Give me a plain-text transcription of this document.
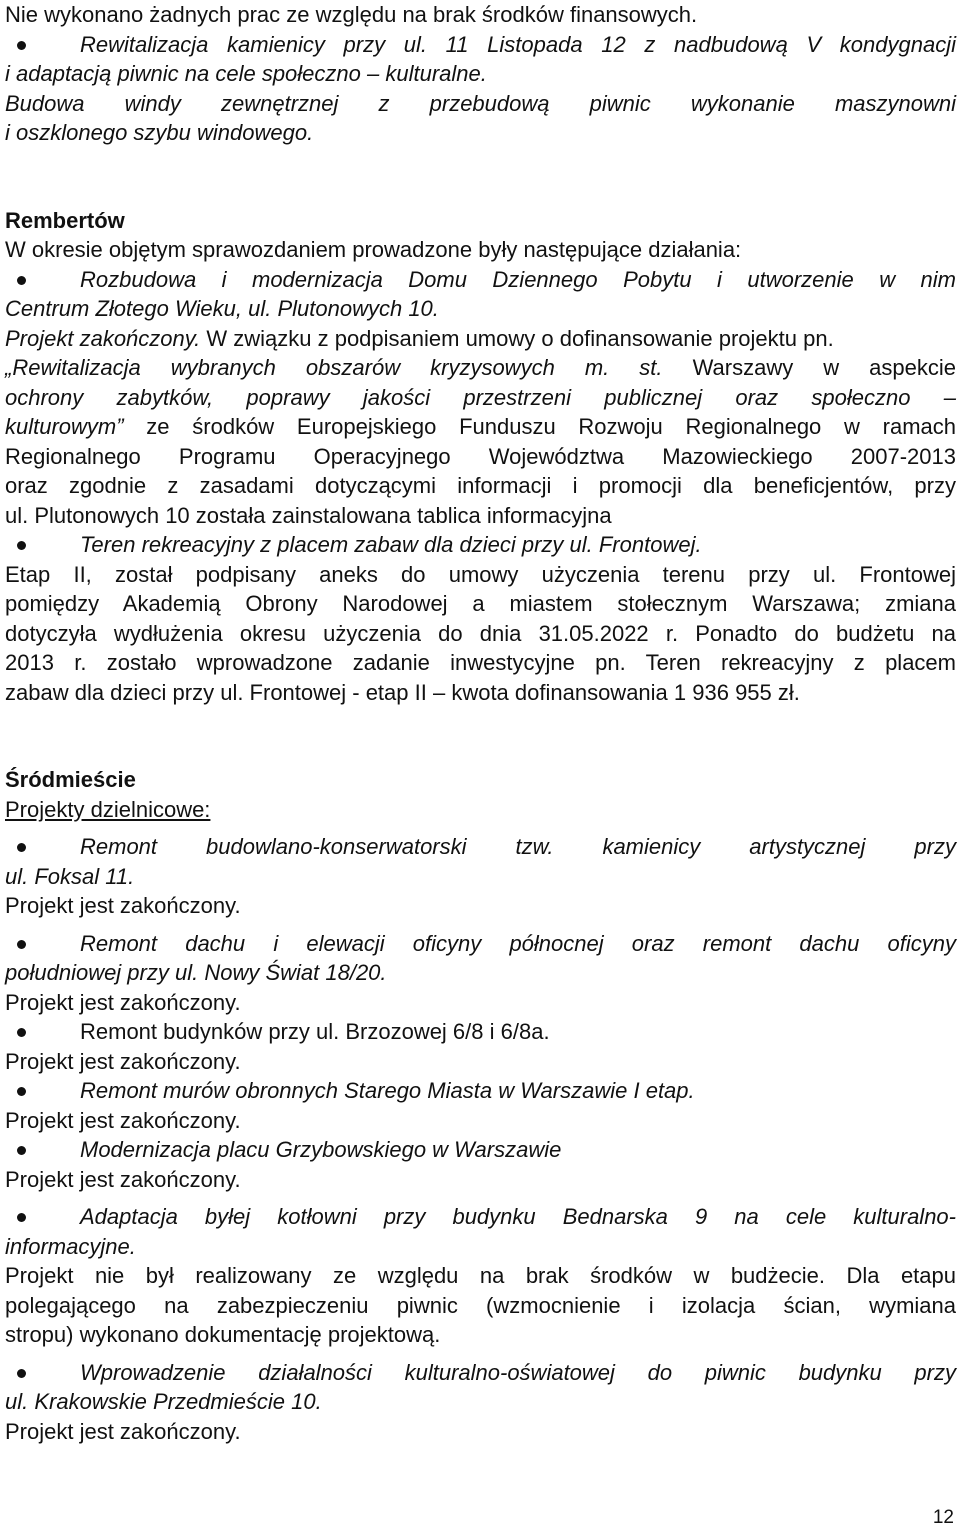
Nie wykonano żadnych prac ze względu na brak środków finansowych.
Rewitalizacja kamienicy przy ul. 11 Listopada 12 z nadbudową V kondygnacji
i adaptacją piwnic na cele społeczno – kulturalne.
Budowa windy zewnętrznej z przebudową piwnic wykonanie maszynowni
i oszklonego szybu windowego.
Rembertów
W okresie objętym sprawozdaniem prowadzone były następujące działania:
Rozbudowa i modernizacja Domu Dziennego Pobytu i utworzenie w nim
Centrum Złotego Wieku, ul. Plutonowych 10.
Projekt zakończony. W związku z podpisaniem umowy o dofinansowanie projektu pn.
„Rewitalizacja wybranych obszarów kryzysowych m. st. Warszawy w aspekcie
ochrony zabytków, poprawy jakości przestrzeni publicznej oraz społeczno –
kulturowym” ze środków Europejskiego Funduszu Rozwoju Regionalnego w ramach
Regionalnego Programu Operacyjnego Województwa Mazowieckiego 2007-2013
oraz zgodnie z zasadami dotyczącymi informacji i promocji dla beneficjentów, przy
ul. Plutonowych 10 została zainstalowana tablica informacyjna
Teren rekreacyjny z placem zabaw dla dzieci przy ul. Frontowej.
Etap II, został podpisany aneks do umowy użyczenia terenu przy ul. Frontowej
pomiędzy Akademią Obrony Narodowej a miastem stołecznym Warszawa; zmiana
dotyczyła wydłużenia okresu użyczenia do dnia 31.05.2022 r. Ponadto do budżetu na
2013 r. zostało wprowadzone zadanie inwestycyjne pn. Teren rekreacyjny z placem
zabaw dla dzieci przy ul. Frontowej - etap II – kwota dofinansowania 1 936 955 zł.
Śródmieście
Projekty dzielnicowe:
Remont budowlano-konserwatorski tzw. kamienicy artystycznej przy
ul. Foksal 11.
Projekt jest zakończony.
Remont dachu i elewacji oficyny północnej oraz remont dachu oficyny
południowej przy ul. Nowy Świat 18/20.
Projekt jest zakończony.
Remont budynków przy ul. Brzozowej 6/8 i 6/8a.
Projekt jest zakończony.
Remont murów obronnych Starego Miasta w Warszawie I etap.
Projekt jest zakończony.
Modernizacja placu Grzybowskiego w Warszawie
Projekt jest zakończony.
Adaptacja byłej kotłowni przy budynku Bednarska 9 na cele kulturalno-
informacyjne.
Projekt nie był realizowany ze względu na brak środków w budżecie. Dla etapu
polegającego na zabezpieczeniu piwnic (wzmocnienie i izolacja ścian, wymiana
stropu) wykonano dokumentację projektową.
Wprowadzenie działalności kulturalno-oświatowej do piwnic budynku przy
ul. Krakowskie Przedmieście 10.
Projekt jest zakończony.
12
